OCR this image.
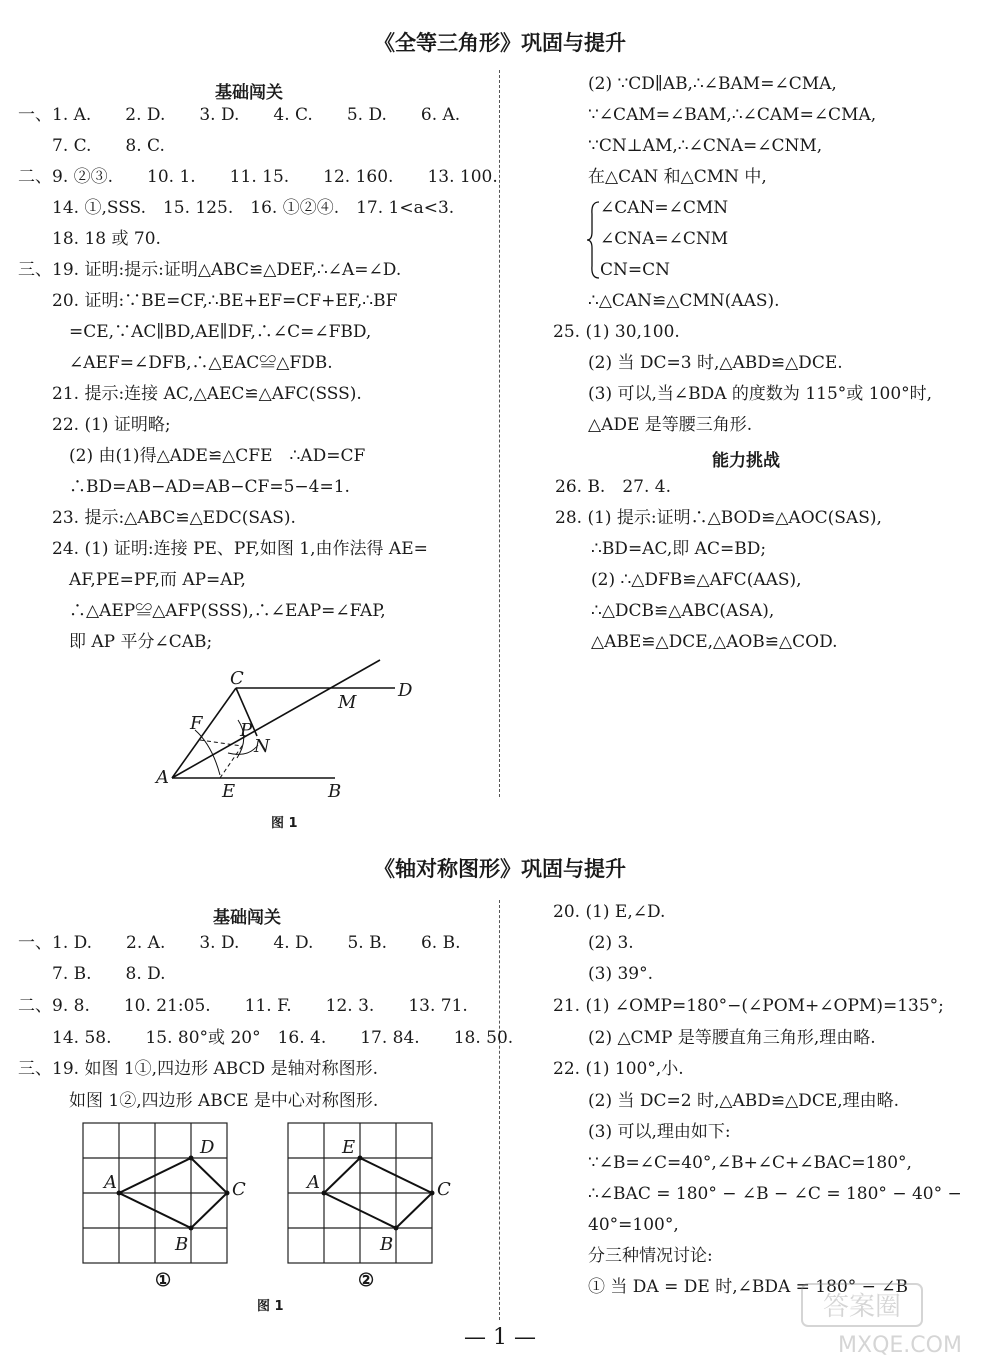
《全等三角形》巩固与提升
基础闯关
一、1. A.　　2. D.　　3. D.　　4. C.　　5. D.　　6. A.
　　7. C.　　8. C.
二、9. ②③.　　10. 1.　　11. 15.　　12. 160.　　13. 100.
　　14. ①,SSS.　15. 125.　16. ①②④.　17. 1<a<3.
　　18. 18 或 70.
三、19. 证明:提示:证明△ABC≌△DEF,∴∠A=∠D.
　　20. 证明:∵BE=CF,∴BE+EF=CF+EF,∴BF
　　　=CE,∵AC∥BD,AE∥DF,∴∠C=∠FBD,
　　　∠AEF=∠DFB,∴△EAC≌△FDB.
　　21. 提示:连接 AC,△AEC≌△AFC(SSS).
　　22. (1) 证明略;
　　　(2) 由(1)得△ADE≌△CFE　∴AD=CF
　　　∴BD=AB−AD=AB−CF=5−4=1.
　　23. 提示:△ABC≌△EDC(SAS).
　　24. (1) 证明:连接 PE、PF,如图 1,由作法得 AE=
　　　AF,PE=PF,而 AP=AP,
　　　∴△AEP≌△AFP(SSS),∴∠EAP=∠FAP,
　　　即 AP 平分∠CAB;
A
B
C
D
E
F
M
N
P
图 1
(2) ∵CD∥AB,∴∠BAM=∠CMA,
∵∠CAM=∠BAM,∴∠CAM=∠CMA,
∵CN⊥AM,∴∠CNA=∠CNM,
在△CAN 和△CMN 中,
∠CAN=∠CMN
∠CNA=∠CNM
CN=CN
∴△CAN≌△CMN(AAS).
25. (1) 30,100.
(2) 当 DC=3 时,△ABD≌△DCE.
(3) 可以,当∠BDA 的度数为 115°或 100°时,
△ADE 是等腰三角形.
能力挑战
26. B.　27. 4.
28. (1) 提示:证明∴△BOD≌△AOC(SAS),
∴BD=AC,即 AC=BD;
(2) ∴△DFB≌△AFC(AAS),
∴△DCB≌△ABC(ASA),
△ABE≌△DCE,△AOB≌△COD.
《轴对称图形》巩固与提升
基础闯关
一、1. D.　　2. A.　　3. D.　　4. D.　　5. B.　　6. B.
　　7. B.　　8. D.
二、9. 8.　　10. 21:05.　　11. F.　　12. 3.　　13. 71.
　　14. 58.　　15. 80°或 20°　16. 4.　　17. 84.　　18. 50.
三、19. 如图 1①,四边形 ABCD 是轴对称图形.
　　　如图 1②,四边形 ABCE 是中心对称图形.
A
B
C
D
①
A
B
C
E
②
图 1
20. (1) E,∠D.
(2) 3.
(3) 39°.
21. (1) ∠OMP=180°−(∠POM+∠OPM)=135°;
(2) △CMP 是等腰直角三角形,理由略.
22. (1) 100°,小.
(2) 当 DC=2 时,△ABD≌△DCE,理由略.
(3) 可以,理由如下:
∵∠B=∠C=40°,∠B+∠C+∠BAC=180°,
∴∠BAC = 180° − ∠B − ∠C = 180° − 40° −
40°=100°,
分三种情况讨论:
① 当 DA = DE 时,∠BDA = 180° − ∠B
— 1 —
答案圈
MXQE.COM
